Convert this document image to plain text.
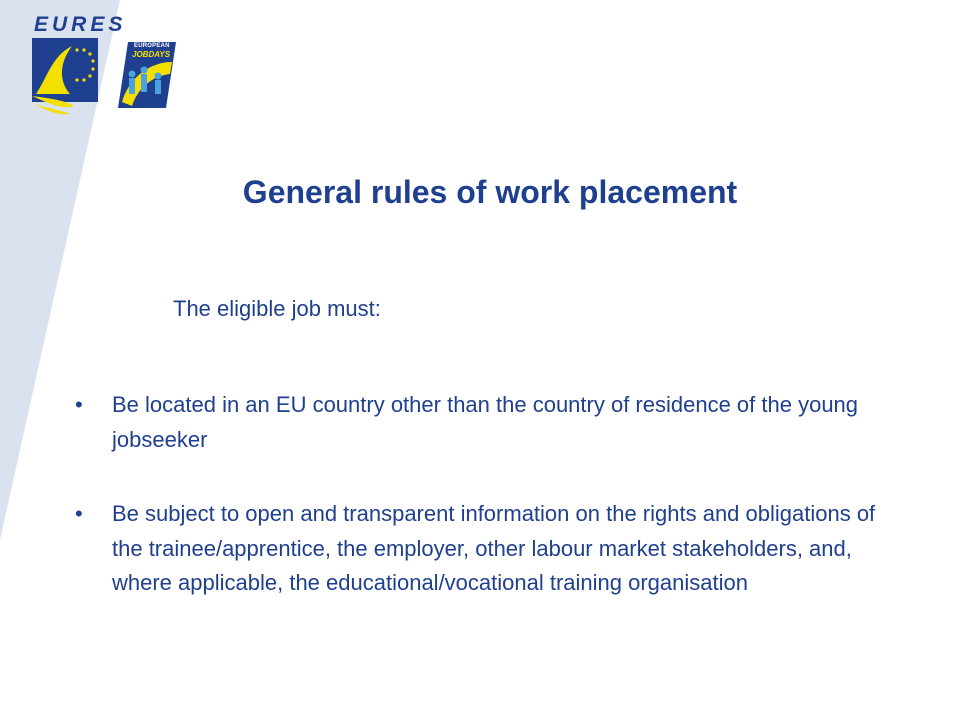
EURES
EUROPEAN
JOBDAYS
General rules of work placement

The eligible job must:

• Be located in an EU country other than the country of residence of the young jobseeker
• Be subject to open and transparent information on the rights and obligations of the trainee/apprentice, the employer, other labour market stakeholders, and, where applicable, the educational/vocational training organisation
